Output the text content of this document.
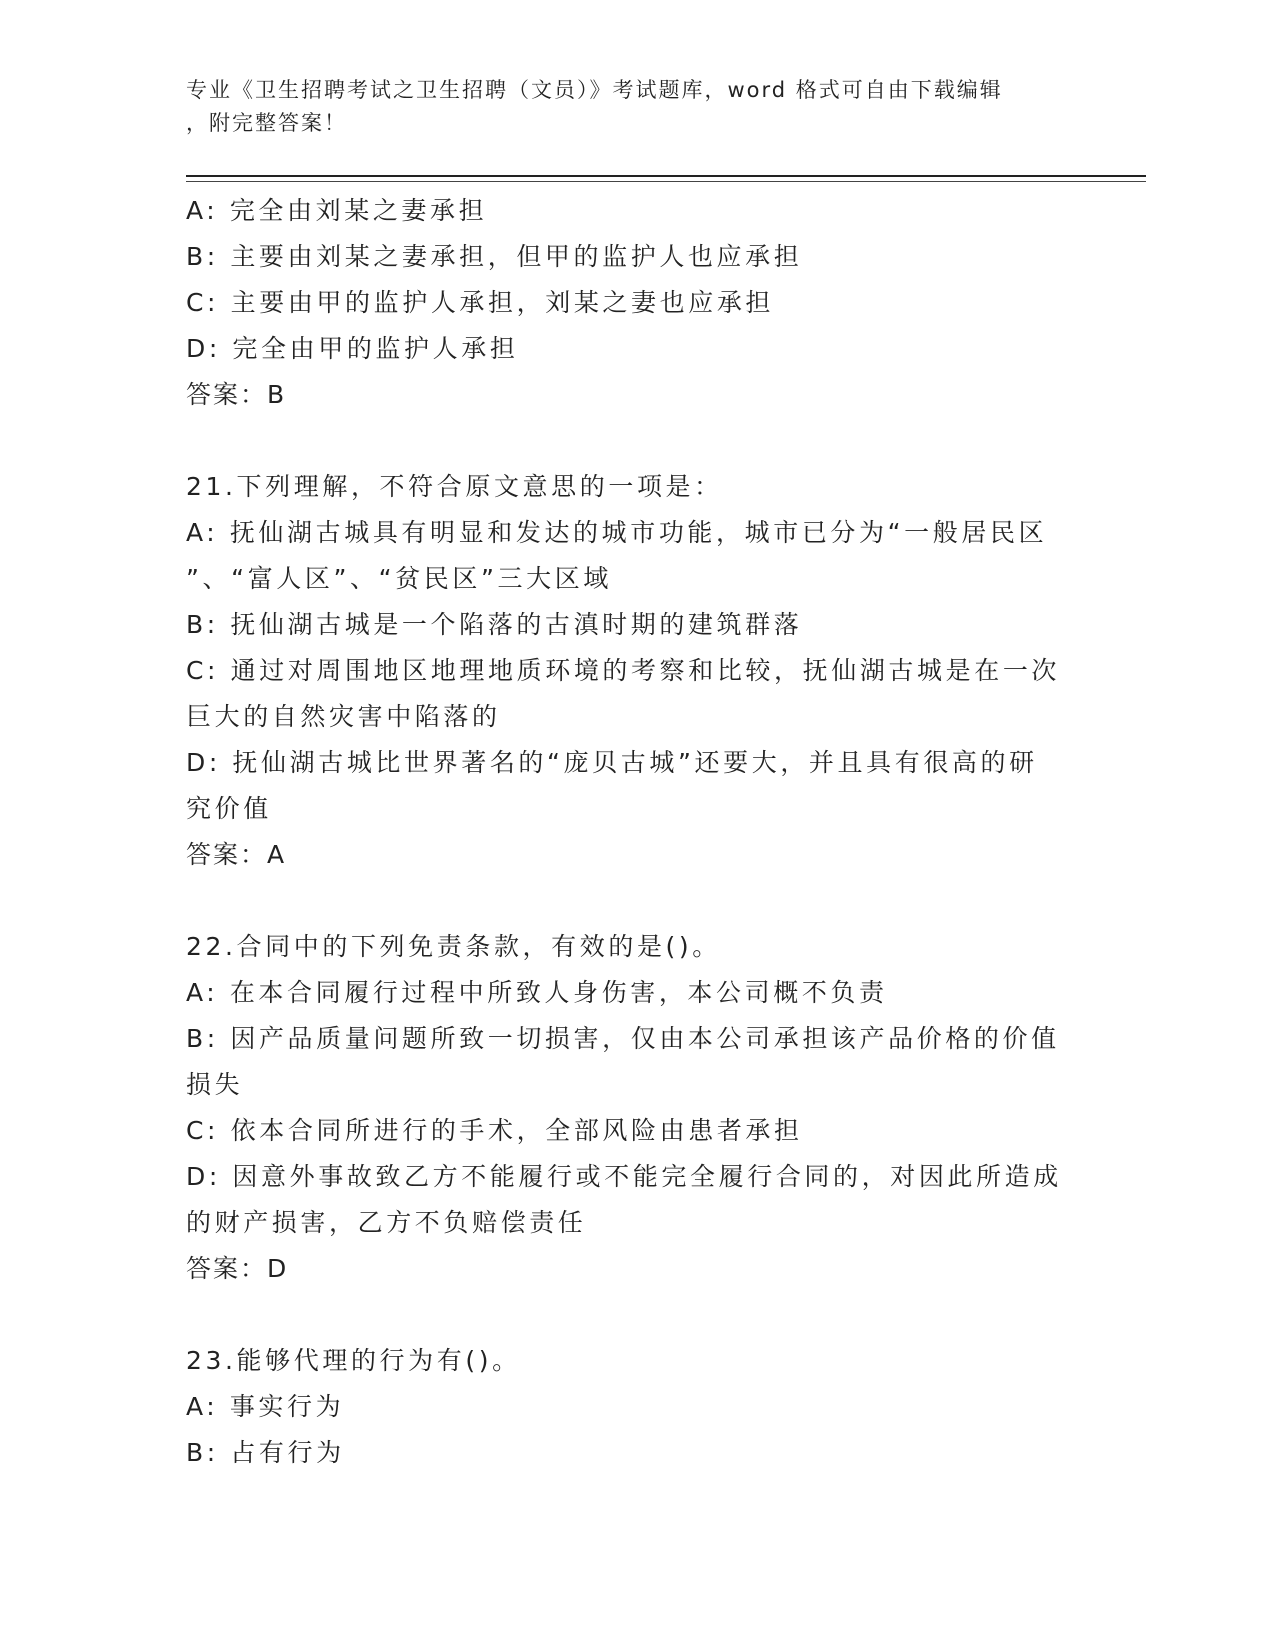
专业《卫生招聘考试之卫生招聘（文员）》考试题库，word 格式可自由下载编辑
，附完整答案！
A: 完全由刘某之妻承担
B: 主要由刘某之妻承担，但甲的监护人也应承担
C: 主要由甲的监护人承担，刘某之妻也应承担
D: 完全由甲的监护人承担
答案：B
21.下列理解，不符合原文意思的一项是：
A: 抚仙湖古城具有明显和发达的城市功能，城市已分为“一般居民区
”、“富人区”、“贫民区”三大区域
B: 抚仙湖古城是一个陷落的古滇时期的建筑群落
C: 通过对周围地区地理地质环境的考察和比较，抚仙湖古城是在一次
巨大的自然灾害中陷落的
D: 抚仙湖古城比世界著名的“庞贝古城”还要大，并且具有很高的研
究价值
答案：A
22.合同中的下列免责条款，有效的是()。
A: 在本合同履行过程中所致人身伤害，本公司概不负责
B: 因产品质量问题所致一切损害，仅由本公司承担该产品价格的价值
损失
C: 依本合同所进行的手术，全部风险由患者承担
D: 因意外事故致乙方不能履行或不能完全履行合同的，对因此所造成
的财产损害，乙方不负赔偿责任
答案：D
23.能够代理的行为有()。
A: 事实行为
B: 占有行为
